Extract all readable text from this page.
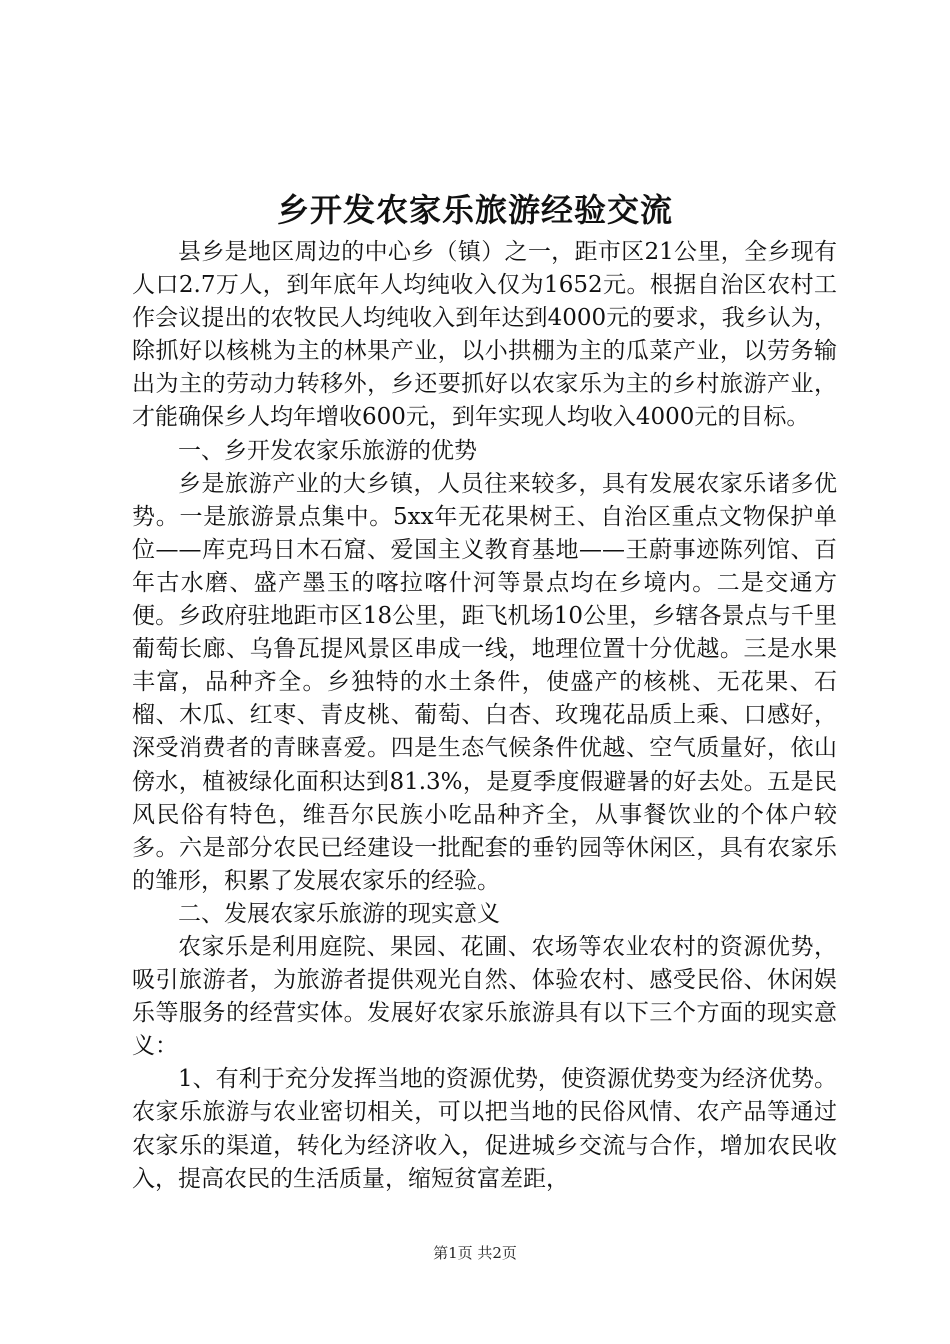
乡开发农家乐旅游经验交流

县乡是地区周边的中心乡（镇）之一，距市区21公里，全乡现有人口2.7万人，到年底年人均纯收入仅为1652元。根据自治区农村工作会议提出的农牧民人均纯收入到年达到4000元的要求，我乡认为，除抓好以核桃为主的林果产业，以小拱棚为主的瓜菜产业，以劳务输出为主的劳动力转移外，乡还要抓好以农家乐为主的乡村旅游产业，才能确保乡人均年增收600元，到年实现人均收入4000元的目标。

一、乡开发农家乐旅游的优势

乡是旅游产业的大乡镇，人员往来较多，具有发展农家乐诸多优势。一是旅游景点集中。5xx年无花果树王、自治区重点文物保护单位——库克玛日木石窟、爱国主义教育基地——王蔚事迹陈列馆、百年古水磨、盛产墨玉的喀拉喀什河等景点均在乡境内。二是交通方便。乡政府驻地距市区18公里，距飞机场10公里，乡辖各景点与千里葡萄长廊、乌鲁瓦提风景区串成一线，地理位置十分优越。三是水果丰富，品种齐全。乡独特的水土条件，使盛产的核桃、无花果、石榴、木瓜、红枣、青皮桃、葡萄、白杏、玫瑰花品质上乘、口感好，深受消费者的青睐喜爱。四是生态气候条件优越、空气质量好，依山傍水，植被绿化面积达到81.3%，是夏季度假避暑的好去处。五是民风民俗有特色，维吾尔民族小吃品种齐全，从事餐饮业的个体户较多。六是部分农民已经建设一批配套的垂钓园等休闲区，具有农家乐的雏形，积累了发展农家乐的经验。

二、发展农家乐旅游的现实意义

农家乐是利用庭院、果园、花圃、农场等农业农村的资源优势，吸引旅游者，为旅游者提供观光自然、体验农村、感受民俗、休闲娱乐等服务的经营实体。发展好农家乐旅游具有以下三个方面的现实意义：

1、有利于充分发挥当地的资源优势，使资源优势变为经济优势。农家乐旅游与农业密切相关，可以把当地的民俗风情、农产品等通过农家乐的渠道，转化为经济收入，促进城乡交流与合作，增加农民收入，提高农民的生活质量，缩短贫富差距，

第1页 共2页
